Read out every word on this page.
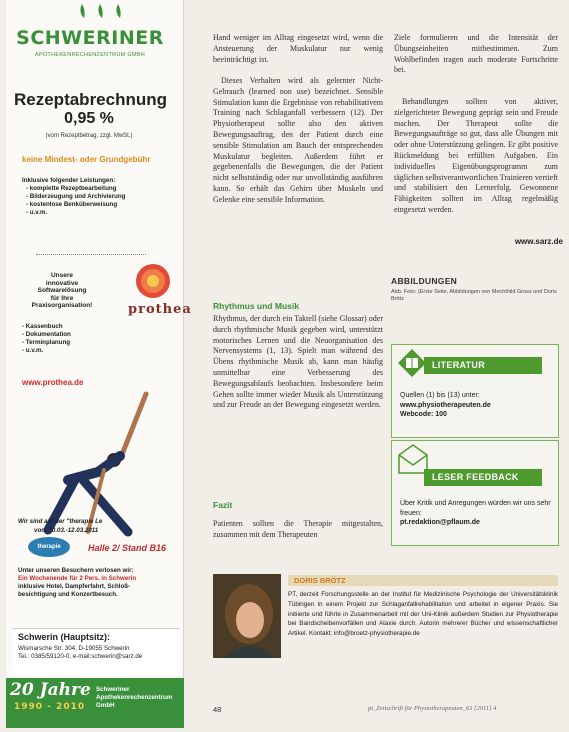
SCHWERINER
APOTHEKENRECHENZENTRUM GMBH
Rezeptabrechnung
0,95 %
(vom Rezeptbetrag, zzgl. MwSt.)
keine Mindest- oder Grundgebühr
Inklusive folgender Leistungen:
- komplette Rezeptbearbeitung
- Bilderzeugung und Archivierung
- kostenlose Benküberweisung
- u.v.m.
www.sarz.de
Unsere
innovative Softwarelösung
für Ihre
Praxisorganisation!	prothea
- Kassenbuch
- Dokumentation
- Terminplanung
- u.v.m.
www.prothea.de
Wir sind auf der "therapie Le
vom 10.03.-12.03.2011
therapie	Halle 2/ Stand B16
Unter unseren Besuchern verlosen wir:
Ein Wochenende für 2 Pers. in Schwerin
inklusive Hotel, Dampferfahrt, Schloß-
besichtigung und Konzertbesuch.
Schwerin (Hauptsitz):
Wismarsche Str. 304, D-19055 Schwerin
Tel.: 0385/59120-0, e-mail:schwerin@sarz.de
20 Jahre
1990 - 2010
Schweriner Apothekenrechenzentrum GmbH

Hand weniger im Alltag eingesetzt wird, wenn die Ansteuerung der Muskulatur nur wenig beeinträchtigt ist.

Dieses Verhalten wird als gelernter Nicht-Gebrauch (learned non use) bezeichnet. Sensible Stimulation kann die Ergebnisse von rehabilitativem Training nach Schlaganfall verbessern (12). Der Physiotherapeut sollte also den aktiven Bewegungsauftrag, den der Patient durch eine sensible Stimulation am Bauch der entsprechenden Muskulatur begleiten. Außerdem führt er gegebenenfalls die Bewegungen, die der Patient nicht selbstständig oder nur unvollständig ausführen kann. So erhält das Gehirn über Muskeln und Gelenke eine sensible Information.

Rhythmus und Musik

Rhythmus, der durch ein Taktell (siehe Glossar) oder durch rhythmische Musik gegeben wird, unterstützt motorisches Lernen und die Neuorganisation des Nervensystems (1, 13). Spielt man während des Übens rhythmische Musik ab, kann man häufig unmittelbar eine Verbesserung des Bewegungsablaufs beobachten. Insbesondere beim Gehen sollte immer wieder Musik als Unterstützung und zur Freude an der Bewegung eingesetzt werden.

Fazit

Patienten sollten die Therapie mitgestalten, zusammen mit dem Therapeuten

Ziele formulieren und die Intensität der Übungseinheiten mitbestimmen. Zum Wohlbefinden tragen auch moderate Fortschritte bei.

Behandlungen sollten von aktiver, zielgerichteter Bewegung geprägt sein und Freude machen. Der Therapeut sollte die Bewegungsaufträge so gut, dass alle Übungen mit oder ohne Unterstützung gelingen. Er gibt positive Rückmeldung bei erfüllten Aufgaben. Ein individuelles Eigenübungsprogramm zum täglichen selbstverantwortlichen Trainieren vertieft und stabilisiert den Lernerfolg. Gewonnene Fähigkeiten sollten im Alltag regelmäßig eingesetzt werden.

ABBILDUNGEN
Abb. Foto: (Erste Seite, Abbildungen von Mechthild Gross und Doris Brötz
LITERATUR
Quellen (1) bis (13) unter:
www.physiotherapeuten.de
Webcode: 100
LESER FEEDBACK
Über Kritik und Anregungen würden wir uns sehr freuen:
pt.redaktion@pflaum.de
DORIS BRÖTZ

PT, derzeit Forschungsstelle an der Institut für Medizinische Psychologie der Universitätsklinik Tübingen in einem Projekt zur Schlaganfallrehabilitation und arbeitet in eigener Praxis. Sie initiierte und führte in Zusammenarbeit mit der Uni-Klinik außerdem Studien zur Physiotherapie bei Bandscheibenvorfällen und Ataxie durch. Autorin mehrerer Bücher und wissenschaftlicher Artikel. Kontakt: info@broetz-physiotherapie.de

48	pt_Zeitschrift für Physiotherapeuten_63 [2011] 4
